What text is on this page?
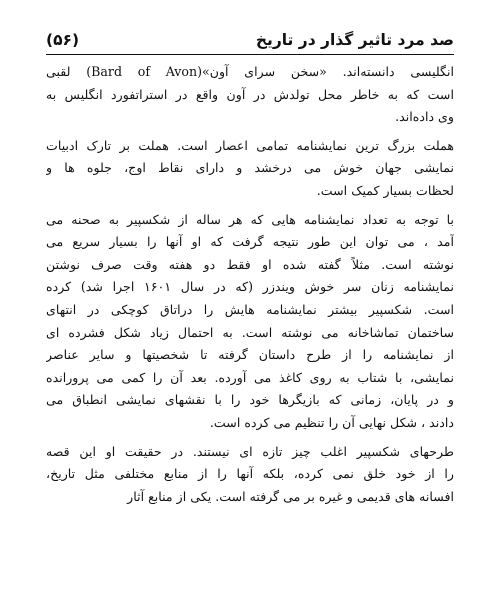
صد مرد تاثیر گذار در تاریخ
(۵۶)

انگلیسی دانسته‌اند. «سخن سرای آون»(Bard of Avon) لقبی
است که به خاطر محل تولدش در آون واقع در استراتفورد انگلیس به
وی داده‌اند.

هملت بزرگ ترین نمایشنامه تمامی اعصار است. هملت بر تارک ادبیات
نمایشی جهان خوش می درخشد و دارای نقاط اوج، جلوه ها و
لحظات بسیار کمیک است.

با توجه به تعداد نمایشنامه هایی که هر ساله از شکسپیر به صحنه می
آمد ، می توان این طور نتیجه گرفت که او آنها را بسیار سریع می
نوشته است. مثلاً گفته شده او فقط دو هفته وقت صرف نوشتن
نمایشنامه زنان سر خوش ویندزر (که در سال ۱۶۰۱ اجرا شد) کرده
است. شکسپیر بیشتر نمایشنامه هایش را دراتاق کوچکی در انتهای
ساختمان تماشاخانه می نوشته است. به احتمال زیاد شکل فشرده ای
از نمایشنامه را از طرح داستان گرفته تا شخصیتها و سایر عناصر
نمایشی، با شتاب به روی کاغذ می آورده. بعد آن را کمی می پرورانده
و در پایان، زمانی که بازیگرها خود را با نقشهای نمایشی انطباق می
دادند ، شکل نهایی آن را تنظیم می کرده است.

طرحهای شکسپیر اغلب چیز تازه ای نیستند. در حقیقت او این قصه
را از خود خلق نمی کرده، بلکه آنها را از منابع مختلفی مثل تاریخ،
افسانه های قدیمی و غیره بر می گرفته است. یکی از منابع آثار
